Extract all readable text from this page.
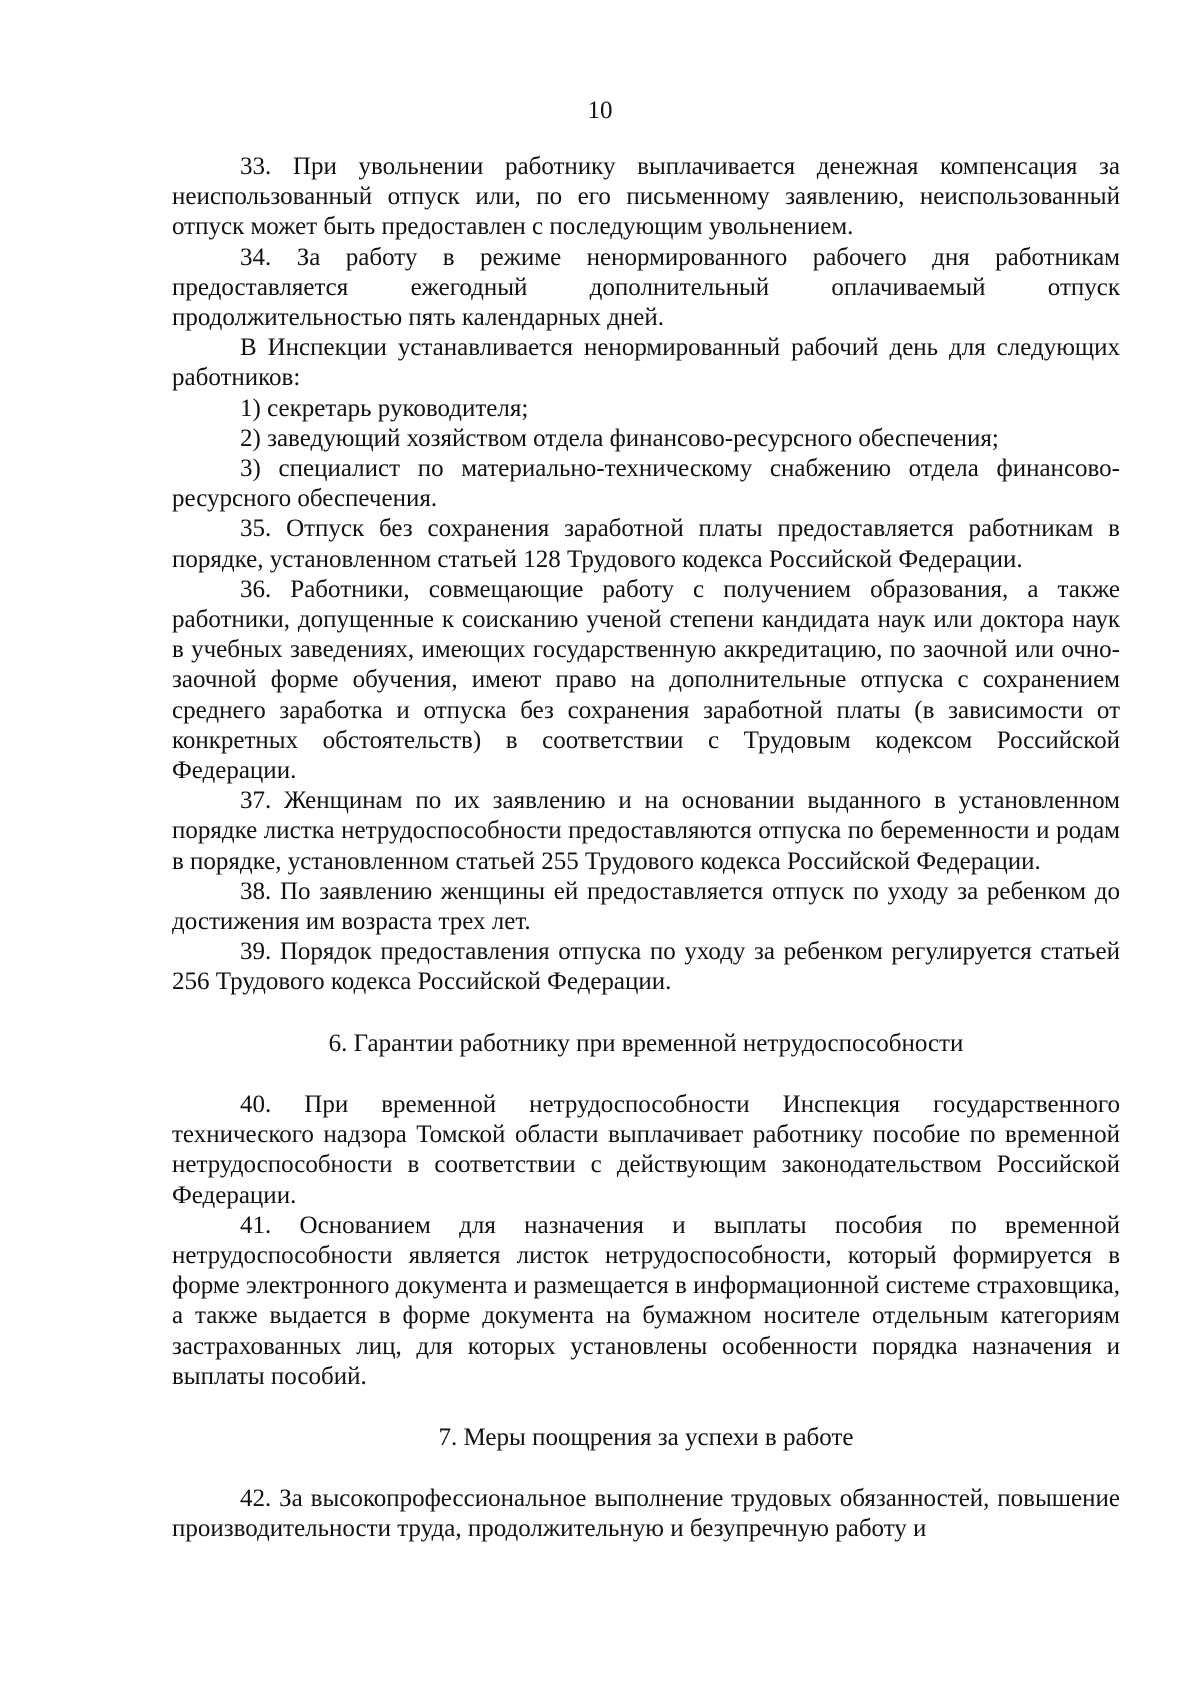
10

33. При увольнении работнику выплачивается денежная компенсация за неиспользованный отпуск или, по его письменному заявлению, неиспользованный отпуск может быть предоставлен с последующим увольнением.

34. За работу в режиме ненормированного рабочего дня работникам предоставляется ежегодный дополнительный оплачиваемый отпуск продолжительностью пять календарных дней.

В Инспекции устанавливается ненормированный рабочий день для следующих работников:

1) секретарь руководителя;

2) заведующий хозяйством отдела финансово-ресурсного обеспечения;

3) специалист по материально-техническому снабжению отдела финансово-ресурсного обеспечения.

35. Отпуск без сохранения заработной платы предоставляется работникам в порядке, установленном статьей 128 Трудового кодекса Российской Федерации.

36. Работники, совмещающие работу с получением образования, а также работники, допущенные к соисканию ученой степени кандидата наук или доктора наук в учебных заведениях, имеющих государственную аккредитацию, по заочной или очно-заочной форме обучения, имеют право на дополнительные отпуска с сохранением среднего заработка и отпуска без сохранения заработной платы (в зависимости от конкретных обстоятельств) в соответствии с Трудовым кодексом Российской Федерации.

37. Женщинам по их заявлению и на основании выданного в установленном порядке листка нетрудоспособности предоставляются отпуска по беременности и родам в порядке, установленном статьей 255 Трудового кодекса Российской Федерации.

38. По заявлению женщины ей предоставляется отпуск по уходу за ребенком до достижения им возраста трех лет.

39. Порядок предоставления отпуска по уходу за ребенком регулируется статьей 256 Трудового кодекса Российской Федерации.

6. Гарантии работнику при временной нетрудоспособности

40. При временной нетрудоспособности Инспекция государственного технического надзора Томской области выплачивает работнику пособие по временной нетрудоспособности в соответствии с действующим законодательством Российской Федерации.

41. Основанием для назначения и выплаты пособия по временной нетрудоспособности является листок нетрудоспособности, который формируется в форме электронного документа и размещается в информационной системе страховщика, а также выдается в форме документа на бумажном носителе отдельным категориям застрахованных лиц, для которых установлены особенности порядка назначения и выплаты пособий.

7. Меры поощрения за успехи в работе

42. За высокопрофессиональное выполнение трудовых обязанностей, повышение производительности труда, продолжительную и безупречную работу и
